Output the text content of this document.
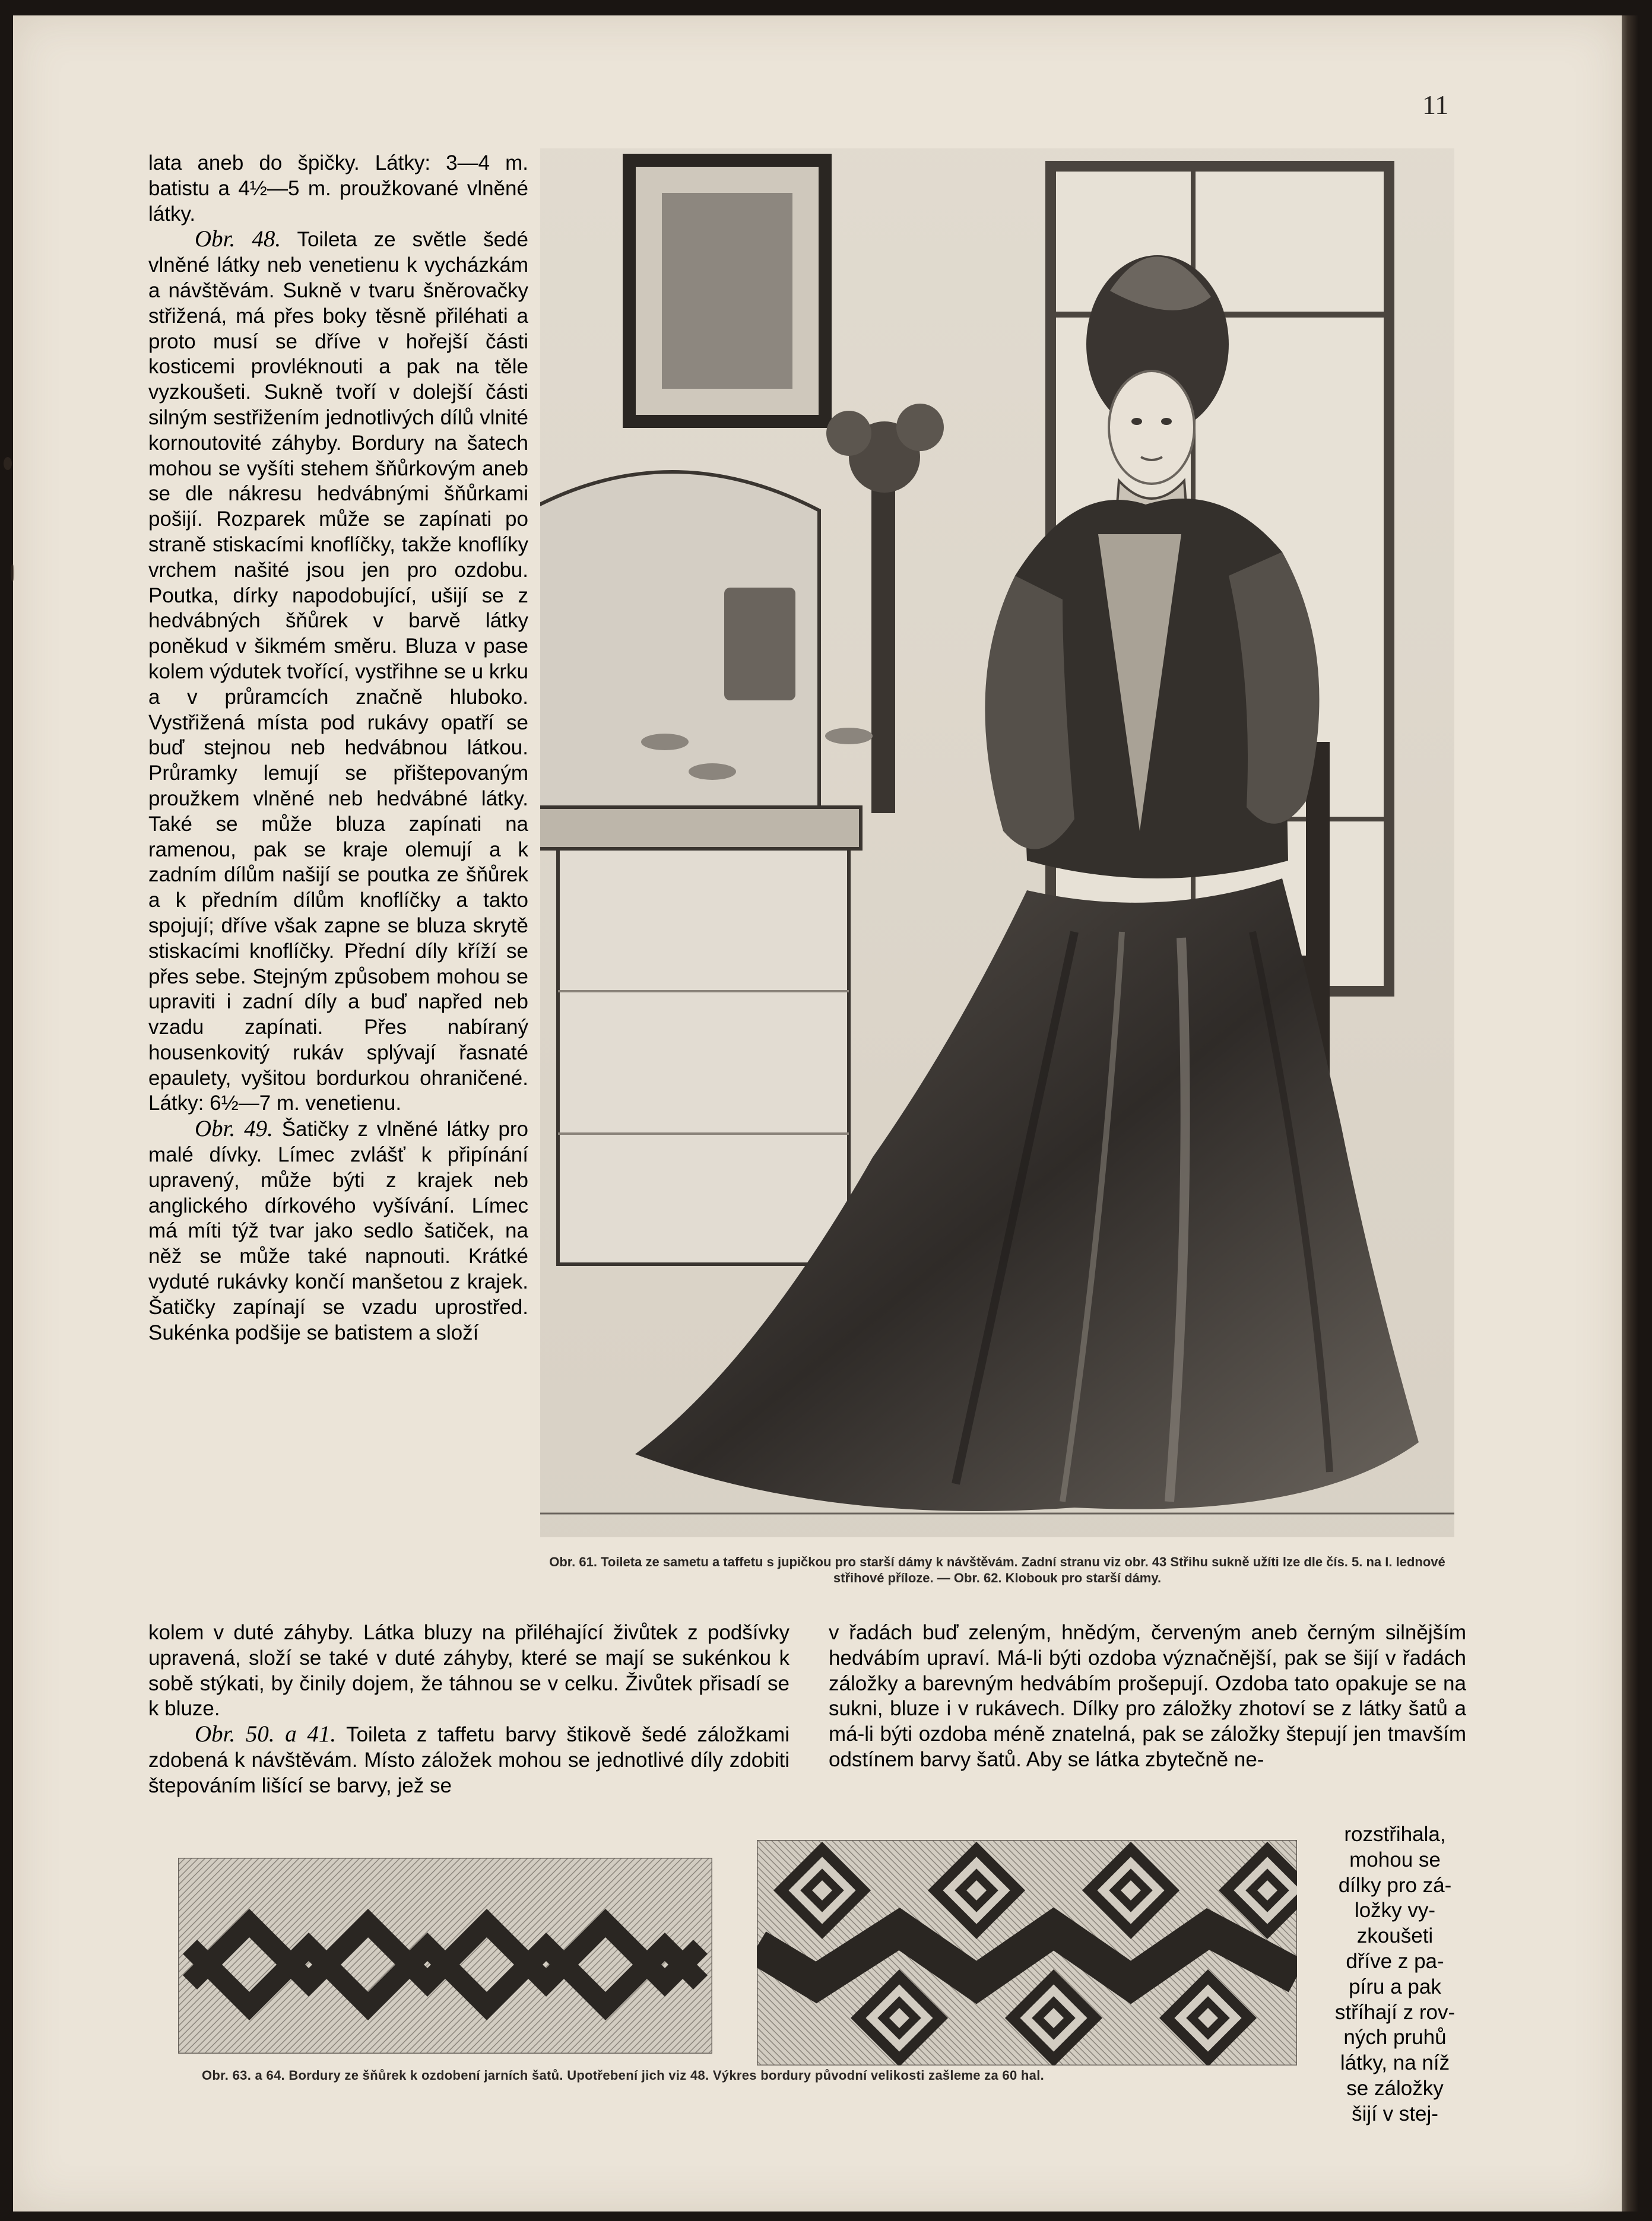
11

lata aneb do špičky. Látky: 3—4 m. batistu a 4½—5 m. proužkované vlněné látky.

Obr. 48. Toileta ze světle šedé vlněné látky neb venetienu k vycházkám a návštěvám. Sukně v tvaru šněrovačky střižená, má přes boky těsně přiléhati a proto musí se dříve v hořejší části kosticemi provléknouti a pak na těle vyzkoušeti. Sukně tvoří v dolejší části silným sestřižením jednotlivých dílů vlnité kornoutovité záhyby. Bordury na šatech mohou se vyšíti stehem šňůrkovým aneb se dle nákresu hedvábnými šňůrkami pošijí. Rozparek může se zapínati po straně stiskacími knoflíčky, takže knoflíky vrchem našité jsou jen pro ozdobu. Poutka, dírky napodobující, ušijí se z hedvábných šňůrek v barvě látky poněkud v šikmém směru. Bluza v pase kolem výdutek tvořící, vystřihne se u krku a v průramcích značně hluboko. Vystřižená místa pod rukávy opatří se buď stejnou neb hedvábnou látkou. Průramky lemují se přištepovaným proužkem vlněné neb hedvábné látky. Také se může bluza zapínati na ramenou, pak se kraje olemují a k zadním dílům našijí se poutka ze šňůrek a k předním dílům knoflíčky a takto spojují; dříve však zapne se bluza skrytě stiskacími knoflíčky. Přední díly kříží se přes sebe. Stejným způsobem mohou se upraviti i zadní díly a buď napřed neb vzadu zapínati. Přes nabíraný housenkovitý rukáv splývají řasnaté epaulety, vyšitou bordurkou ohraničené. Látky: 6½—7 m. venetienu.

Obr. 49. Šatičky z vlněné látky pro malé dívky. Límec zvlášť k připínání upravený, může býti z krajek neb anglického dírkového vyšívání. Límec má míti týž tvar jako sedlo šatiček, na něž se může také napnouti. Krátké vyduté rukávky končí manšetou z krajek. Šatičky zapínají se vzadu uprostřed. Sukénka podšije se batistem a složí

Obr. 61. Toileta ze sametu a taffetu s jupičkou pro starší dámy k návštěvám. Zadní stranu viz obr. 43 Střihu sukně užíti lze dle čís. 5. na I. lednové střihové příloze. — Obr. 62. Klobouk pro starší dámy.

kolem v duté záhyby. Látka bluzy na přiléhající živůtek z podšívky upravená, složí se také v duté záhyby, které se mají se sukénkou k sobě stýkati, by činily dojem, že táhnou se v celku. Živůtek přisadí se k bluze.

Obr. 50. a 41. Toileta z taffetu barvy štikově šedé záložkami zdobená k návštěvám. Místo záložek mohou se jednotlivé díly zdobiti štepováním lišící se barvy, jež se

v řadách buď zeleným, hnědým, červeným aneb černým silnějším hedvábím upraví. Má-li býti ozdoba význačnější, pak se šijí v řadách záložky a barevným hedvábím prošepují. Ozdoba tato opakuje se na sukni, bluze i v rukávech. Dílky pro záložky zhotoví se z látky šatů a má-li býti ozdoba méně znatelná, pak se záložky štepují jen tmavším odstínem barvy šatů. Aby se látka zbytečně ne-
rozstřihala,
mohou se
dílky pro zá-
ložky vy-
zkoušeti
dříve z pa-
píru a pak
stříhají z rov-
ných pruhů
látky, na níž
se záložky
šijí v stej-
Obr. 63. a 64. Bordury ze šňůrek k ozdobení jarních šatů. Upotřebení jich viz 48. Výkres bordury původní velikosti zašleme za 60 hal.
